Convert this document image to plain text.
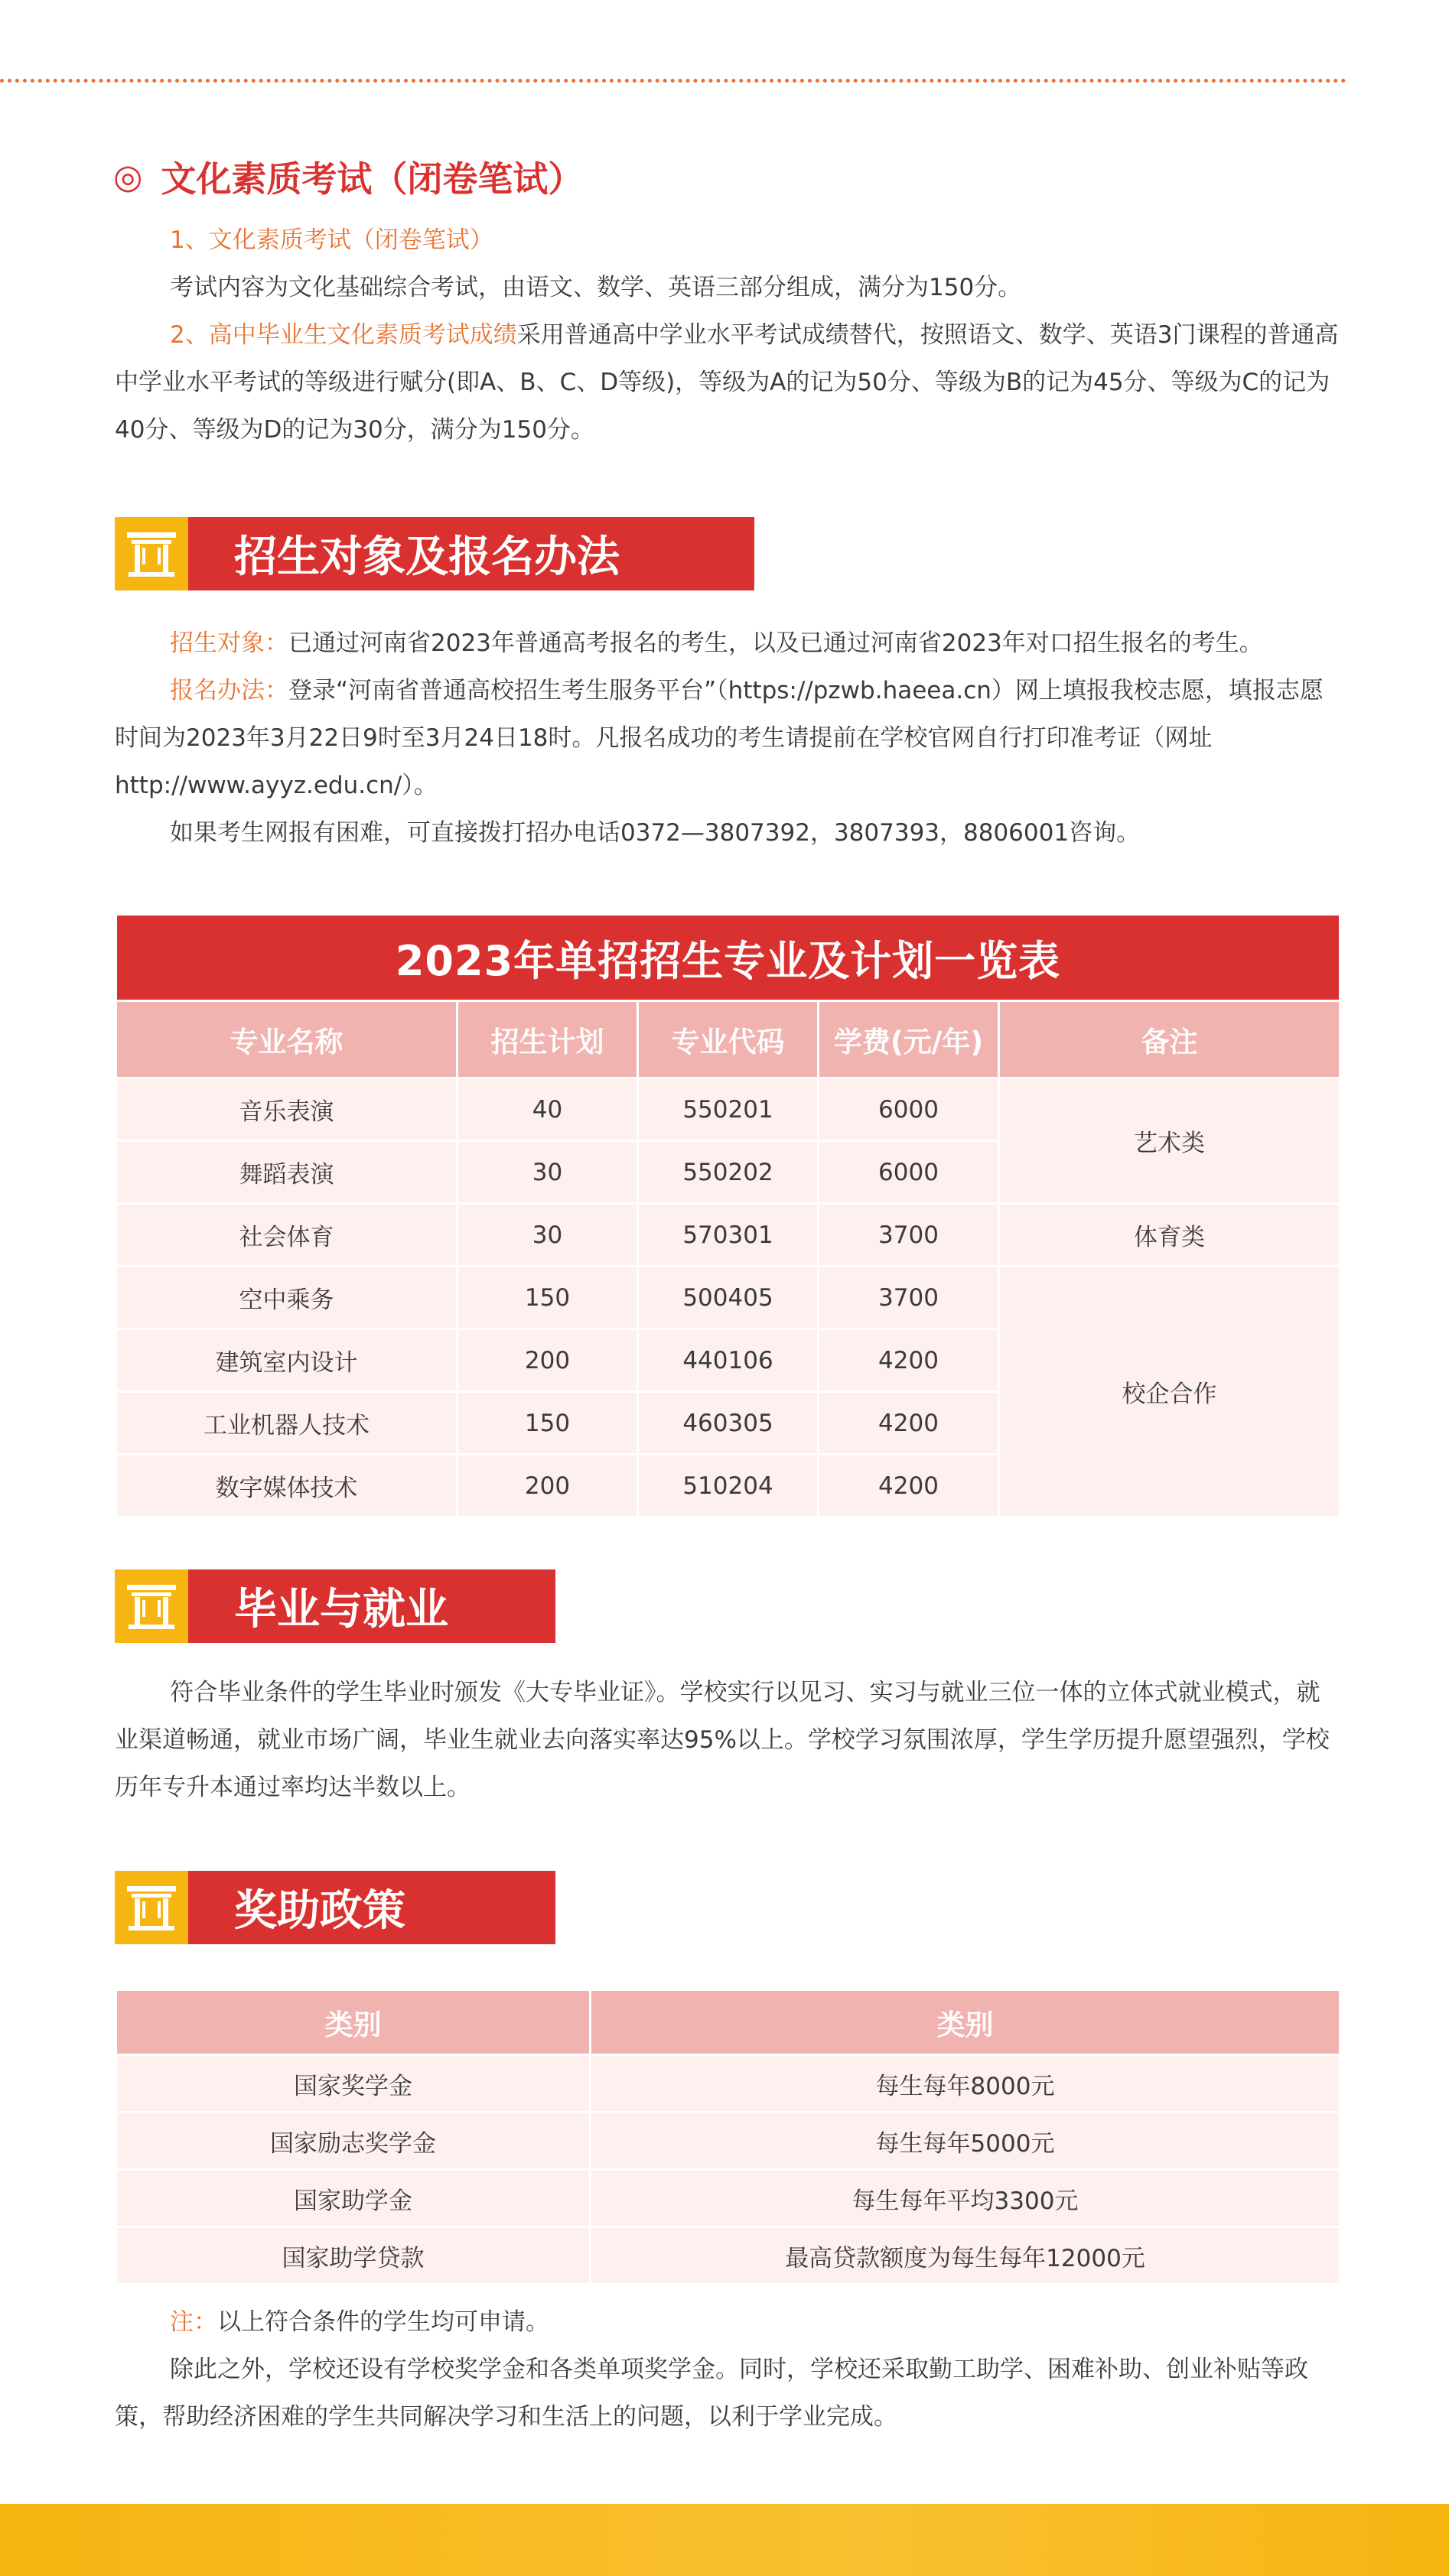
◎ 文化素质考试（闭卷笔试）

1、文化素质考试（闭卷笔试）

考试内容为文化基础综合考试，由语文、数学、英语三部分组成，满分为150分。

2、高中毕业生文化素质考试成绩采用普通高中学业水平考试成绩替代，按照语文、数学、英语3门课程的普通高中学业水平考试的等级进行赋分(即A、B、C、D等级)，等级为A的记为50分、等级为B的记为45分、等级为C的记为40分、等级为D的记为30分，满分为150分。

招生对象及报名办法

招生对象：已通过河南省2023年普通高考报名的考生，以及已通过河南省2023年对口招生报名的考生。

报名办法：登录“河南省普通高校招生考生服务平台”（https://pzwb.haeea.cn）网上填报我校志愿，填报志愿时间为2023年3月22日9时至3月24日18时。凡报名成功的考生请提前在学校官网自行打印准考证（网址http://www.ayyz.edu.cn/）。

如果考生网报有困难，可直接拨打招办电话0372—3807392，3807393，8806001咨询。

2023年单招招生专业及计划一览表				
专业名称	招生计划	专业代码	学费(元/年)	备注
音乐表演	40	550201	6000	艺术类
舞蹈表演	30	550202	6000	
社会体育	30	570301	3700	体育类
空中乘务	150	500405	3700	校企合作
建筑室内设计	200	440106	4200	
工业机器人技术	150	460305	4200	
数字媒体技术	200	510204	4200	
毕业与就业

符合毕业条件的学生毕业时颁发《大专毕业证》。学校实行以见习、实习与就业三位一体的立体式就业模式，就业渠道畅通，就业市场广阔，毕业生就业去向落实率达95%以上。学校学习氛围浓厚，学生学历提升愿望强烈，学校历年专升本通过率均达半数以上。

奖助政策
类别	类别
国家奖学金	每生每年8000元
国家励志奖学金	每生每年5000元
国家助学金	每生每年平均3300元
国家助学贷款	最高贷款额度为每生每年12000元

注：以上符合条件的学生均可申请。

除此之外，学校还设有学校奖学金和各类单项奖学金。同时，学校还采取勤工助学、困难补助、创业补贴等政策，帮助经济困难的学生共同解决学习和生活上的问题，以利于学业完成。
